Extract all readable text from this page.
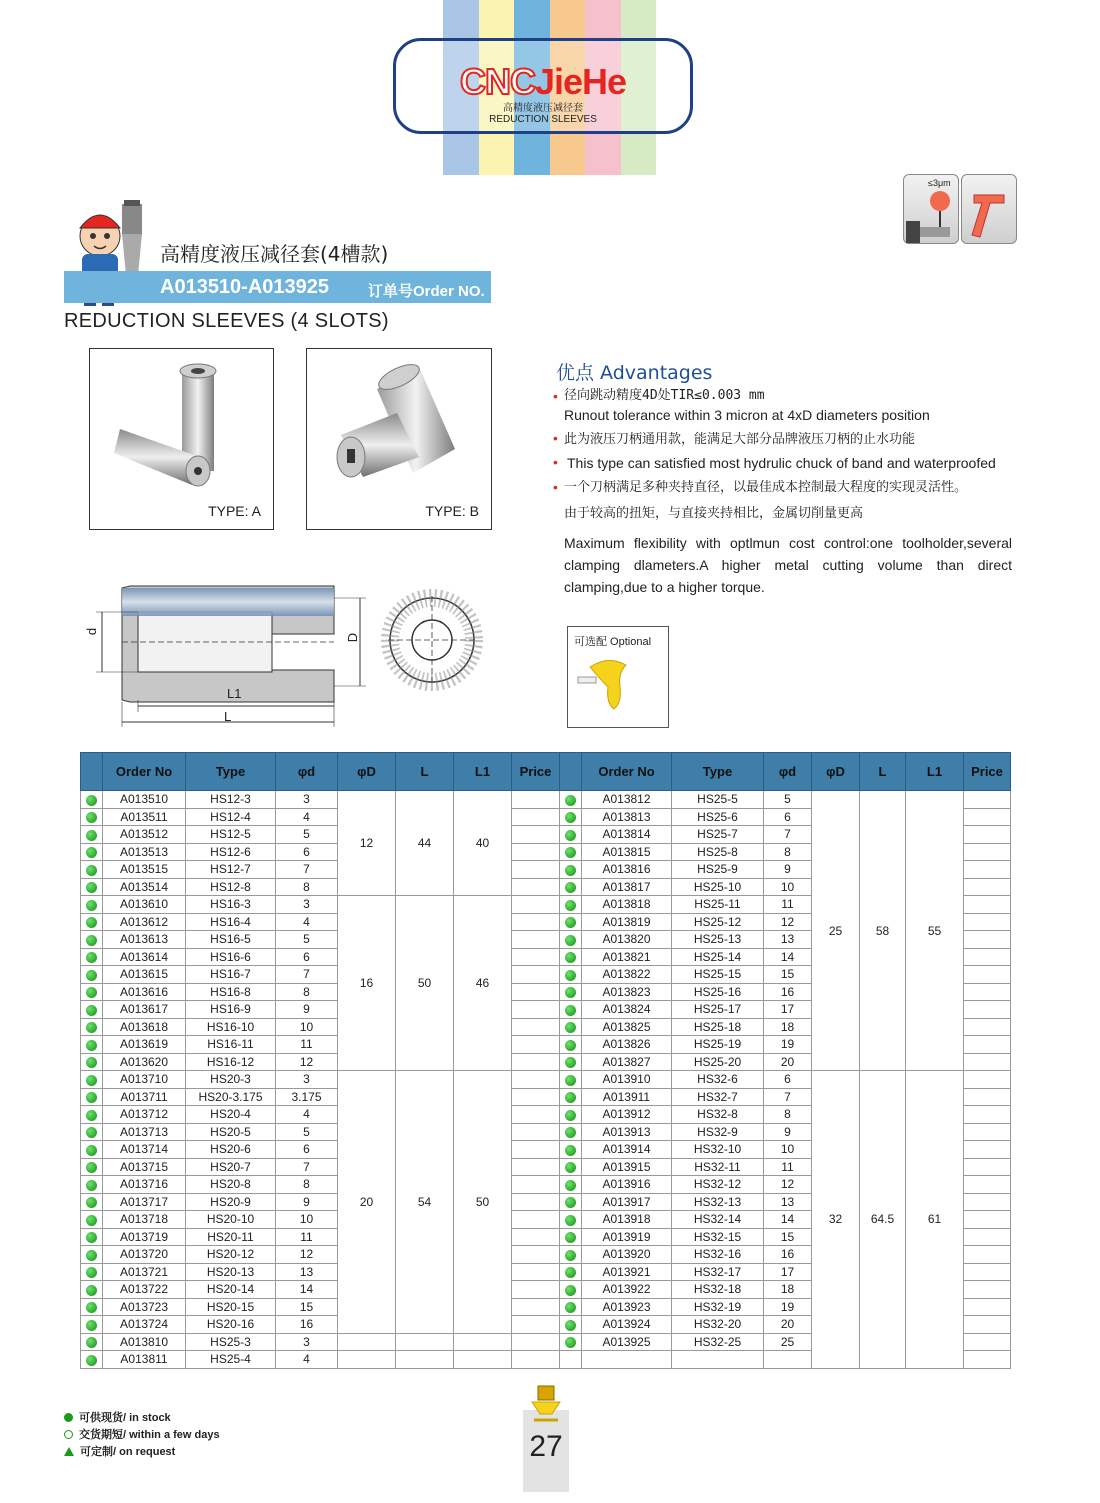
CNCJieHe
高精度液压减径套
REDUCTION SLEEVES
高精度液压减径套(4槽款)
A013510-A013925	订单号Order NO.
REDUCTION SLEEVES (4 SLOTS)
≤3μm
TYPE: A	TYPE: B
优点 Advantages
• 径向跳动精度4D处TIR≤0.003 mm
Runout tolerance within 3 micron at 4xD diameters position
• 此为液压刀柄通用款，能满足大部分品牌液压刀柄的止水功能
• This type can satisfied most hydrulic chuck of band and waterproofed
• 一个刀柄满足多种夹持直径，以最佳成本控制最大程度的实现灵活性。
由于较高的扭矩，与直接夹持相比，金属切削量更高
Maximum flexibility with optlmun cost control:one toolholder,several clamping dlameters.A higher metal cutting volume than direct clamping,due to a higher torque.
d
D
L1
L
可选配 Optional
	Order No	Type	φd	φD	L	L1	Price		Order No	Type	φd	φD	L	L1	Price
	A013510	HS12-3	3	12	44	40			A013812	HS25-5	5	25	58	55	
	A013511	HS12-4	4						A013813	HS25-6	6				
	A013512	HS12-5	5						A013814	HS25-7	7				
	A013513	HS12-6	6						A013815	HS25-8	8				
	A013515	HS12-7	7						A013816	HS25-9	9				
	A013514	HS12-8	8						A013817	HS25-10	10				
	A013610	HS16-3	3	16	50	46			A013818	HS25-11	11				
	A013612	HS16-4	4						A013819	HS25-12	12				
	A013613	HS16-5	5						A013820	HS25-13	13				
	A013614	HS16-6	6						A013821	HS25-14	14				
	A013615	HS16-7	7						A013822	HS25-15	15				
	A013616	HS16-8	8						A013823	HS25-16	16				
	A013617	HS16-9	9						A013824	HS25-17	17				
	A013618	HS16-10	10						A013825	HS25-18	18				
	A013619	HS16-11	11						A013826	HS25-19	19				
	A013620	HS16-12	12						A013827	HS25-20	20				
	A013710	HS20-3	3	20	54	50			A013910	HS32-6	6	32	64.5	61	
	A013711	HS20-3.175	3.175						A013911	HS32-7	7				
	A013712	HS20-4	4						A013912	HS32-8	8				
	A013713	HS20-5	5						A013913	HS32-9	9				
	A013714	HS20-6	6						A013914	HS32-10	10				
	A013715	HS20-7	7						A013915	HS32-11	11				
	A013716	HS20-8	8						A013916	HS32-12	12				
	A013717	HS20-9	9						A013917	HS32-13	13				
	A013718	HS20-10	10						A013918	HS32-14	14				
	A013719	HS20-11	11						A013919	HS32-15	15				
	A013720	HS20-12	12						A013920	HS32-16	16				
	A013721	HS20-13	13						A013921	HS32-17	17				
	A013722	HS20-14	14						A013922	HS32-18	18				
	A013723	HS20-15	15						A013923	HS32-19	19				
	A013724	HS20-16	16						A013924	HS32-20	20				
	A013810	HS25-3	3						A013925	HS32-25	25				
	A013811	HS25-4	4												
可供现货/ in stock
交货期短/ within a few days
可定制/ on request	27
